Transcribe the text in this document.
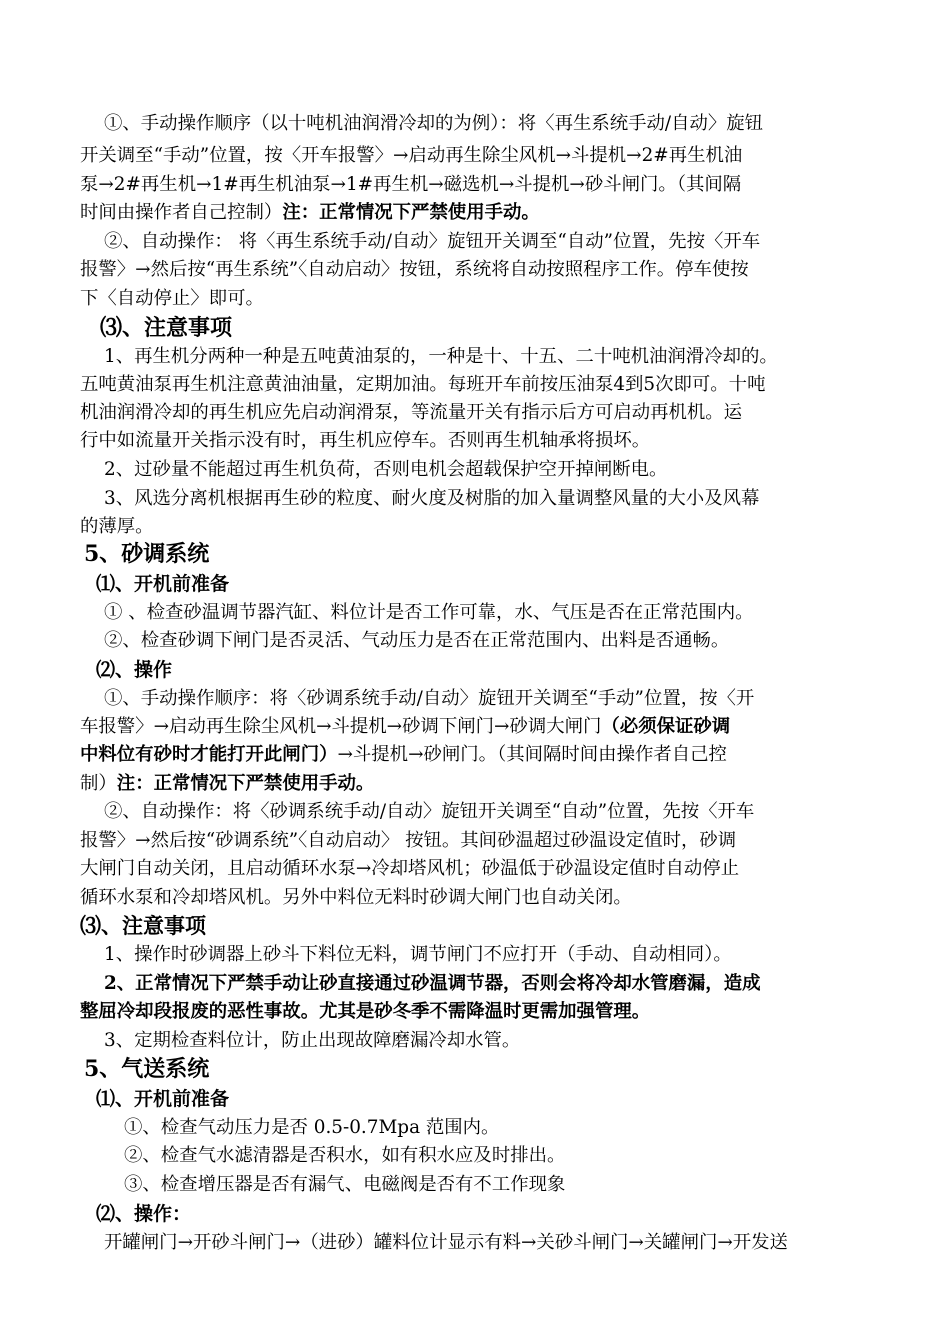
①、手动操作顺序（以十吨机油润滑冷却的为例）：将〈再生系统手动/自动〉旋钮
开关调至“手动”位置，按〈开车报警〉→启动再生除尘风机→斗提机→2#再生机油
泵→2#再生机→1#再生机油泵→1#再生机→磁选机→斗提机→砂斗闸门。（其间隔
时间由操作者自己控制）注：正常情况下严禁使用手动。
②、自动操作： 将〈再生系统手动/自动〉旋钮开关调至“自动”位置，先按〈开车
报警〉→然后按“再生系统”〈自动启动〉按钮，系统将自动按照程序工作。停车使按
下〈自动停止〉即可。
⑶、注意事项
1、再生机分两种一种是五吨黄油泵的，一种是十、十五、二十吨机油润滑冷却的。
五吨黄油泵再生机注意黄油油量，定期加油。每班开车前按压油泵4到5次即可。十吨
机油润滑冷却的再生机应先启动润滑泵，等流量开关有指示后方可启动再机机。运
行中如流量开关指示没有时，再生机应停车。否则再生机轴承将损坏。
2、过砂量不能超过再生机负荷，否则电机会超载保护空开掉闸断电。
3、风选分离机根据再生砂的粒度、耐火度及树脂的加入量调整风量的大小及风幕
的薄厚。
5、砂调系统
⑴、开机前准备
① 、检查砂温调节器汽缸、料位计是否工作可靠，水、气压是否在正常范围内。
②、检查砂调下闸门是否灵活、气动压力是否在正常范围内、出料是否通畅。
⑵、操作
①、手动操作顺序：将〈砂调系统手动/自动〉旋钮开关调至“手动”位置，按〈开
车报警〉→启动再生除尘风机→斗提机→砂调下闸门→砂调大闸门（必须保证砂调
中料位有砂时才能打开此闸门）→斗提机→砂闸门。（其间隔时间由操作者自己控
制）注：正常情况下严禁使用手动。
②、自动操作：将〈砂调系统手动/自动〉旋钮开关调至“自动”位置，先按〈开车
报警〉→然后按“砂调系统”〈自动启动〉 按钮。其间砂温超过砂温设定值时，砂调
大闸门自动关闭，且启动循环水泵→冷却塔风机；砂温低于砂温设定值时自动停止
循环水泵和冷却塔风机。另外中料位无料时砂调大闸门也自动关闭。
⑶、注意事项
1、操作时砂调器上砂斗下料位无料，调节闸门不应打开（手动、自动相同）。
2、正常情况下严禁手动让砂直接通过砂温调节器，否则会将冷却水管磨漏，造成
整屈冷却段报废的恶性事故。尤其是砂冬季不需降温时更需加强管理。
3、定期检查料位计，防止出现故障磨漏冷却水管。
5、气送系统
⑴、开机前准备
①、检查气动压力是否 0.5-0.7Mpa 范围内。
②、检查气水滤清器是否积水，如有积水应及时排出。
③、检查增压器是否有漏气、电磁阀是否有不工作现象
⑵、操作：
开罐闸门→开砂斗闸门→（进砂）罐料位计显示有料→关砂斗闸门→关罐闸门→开发送
